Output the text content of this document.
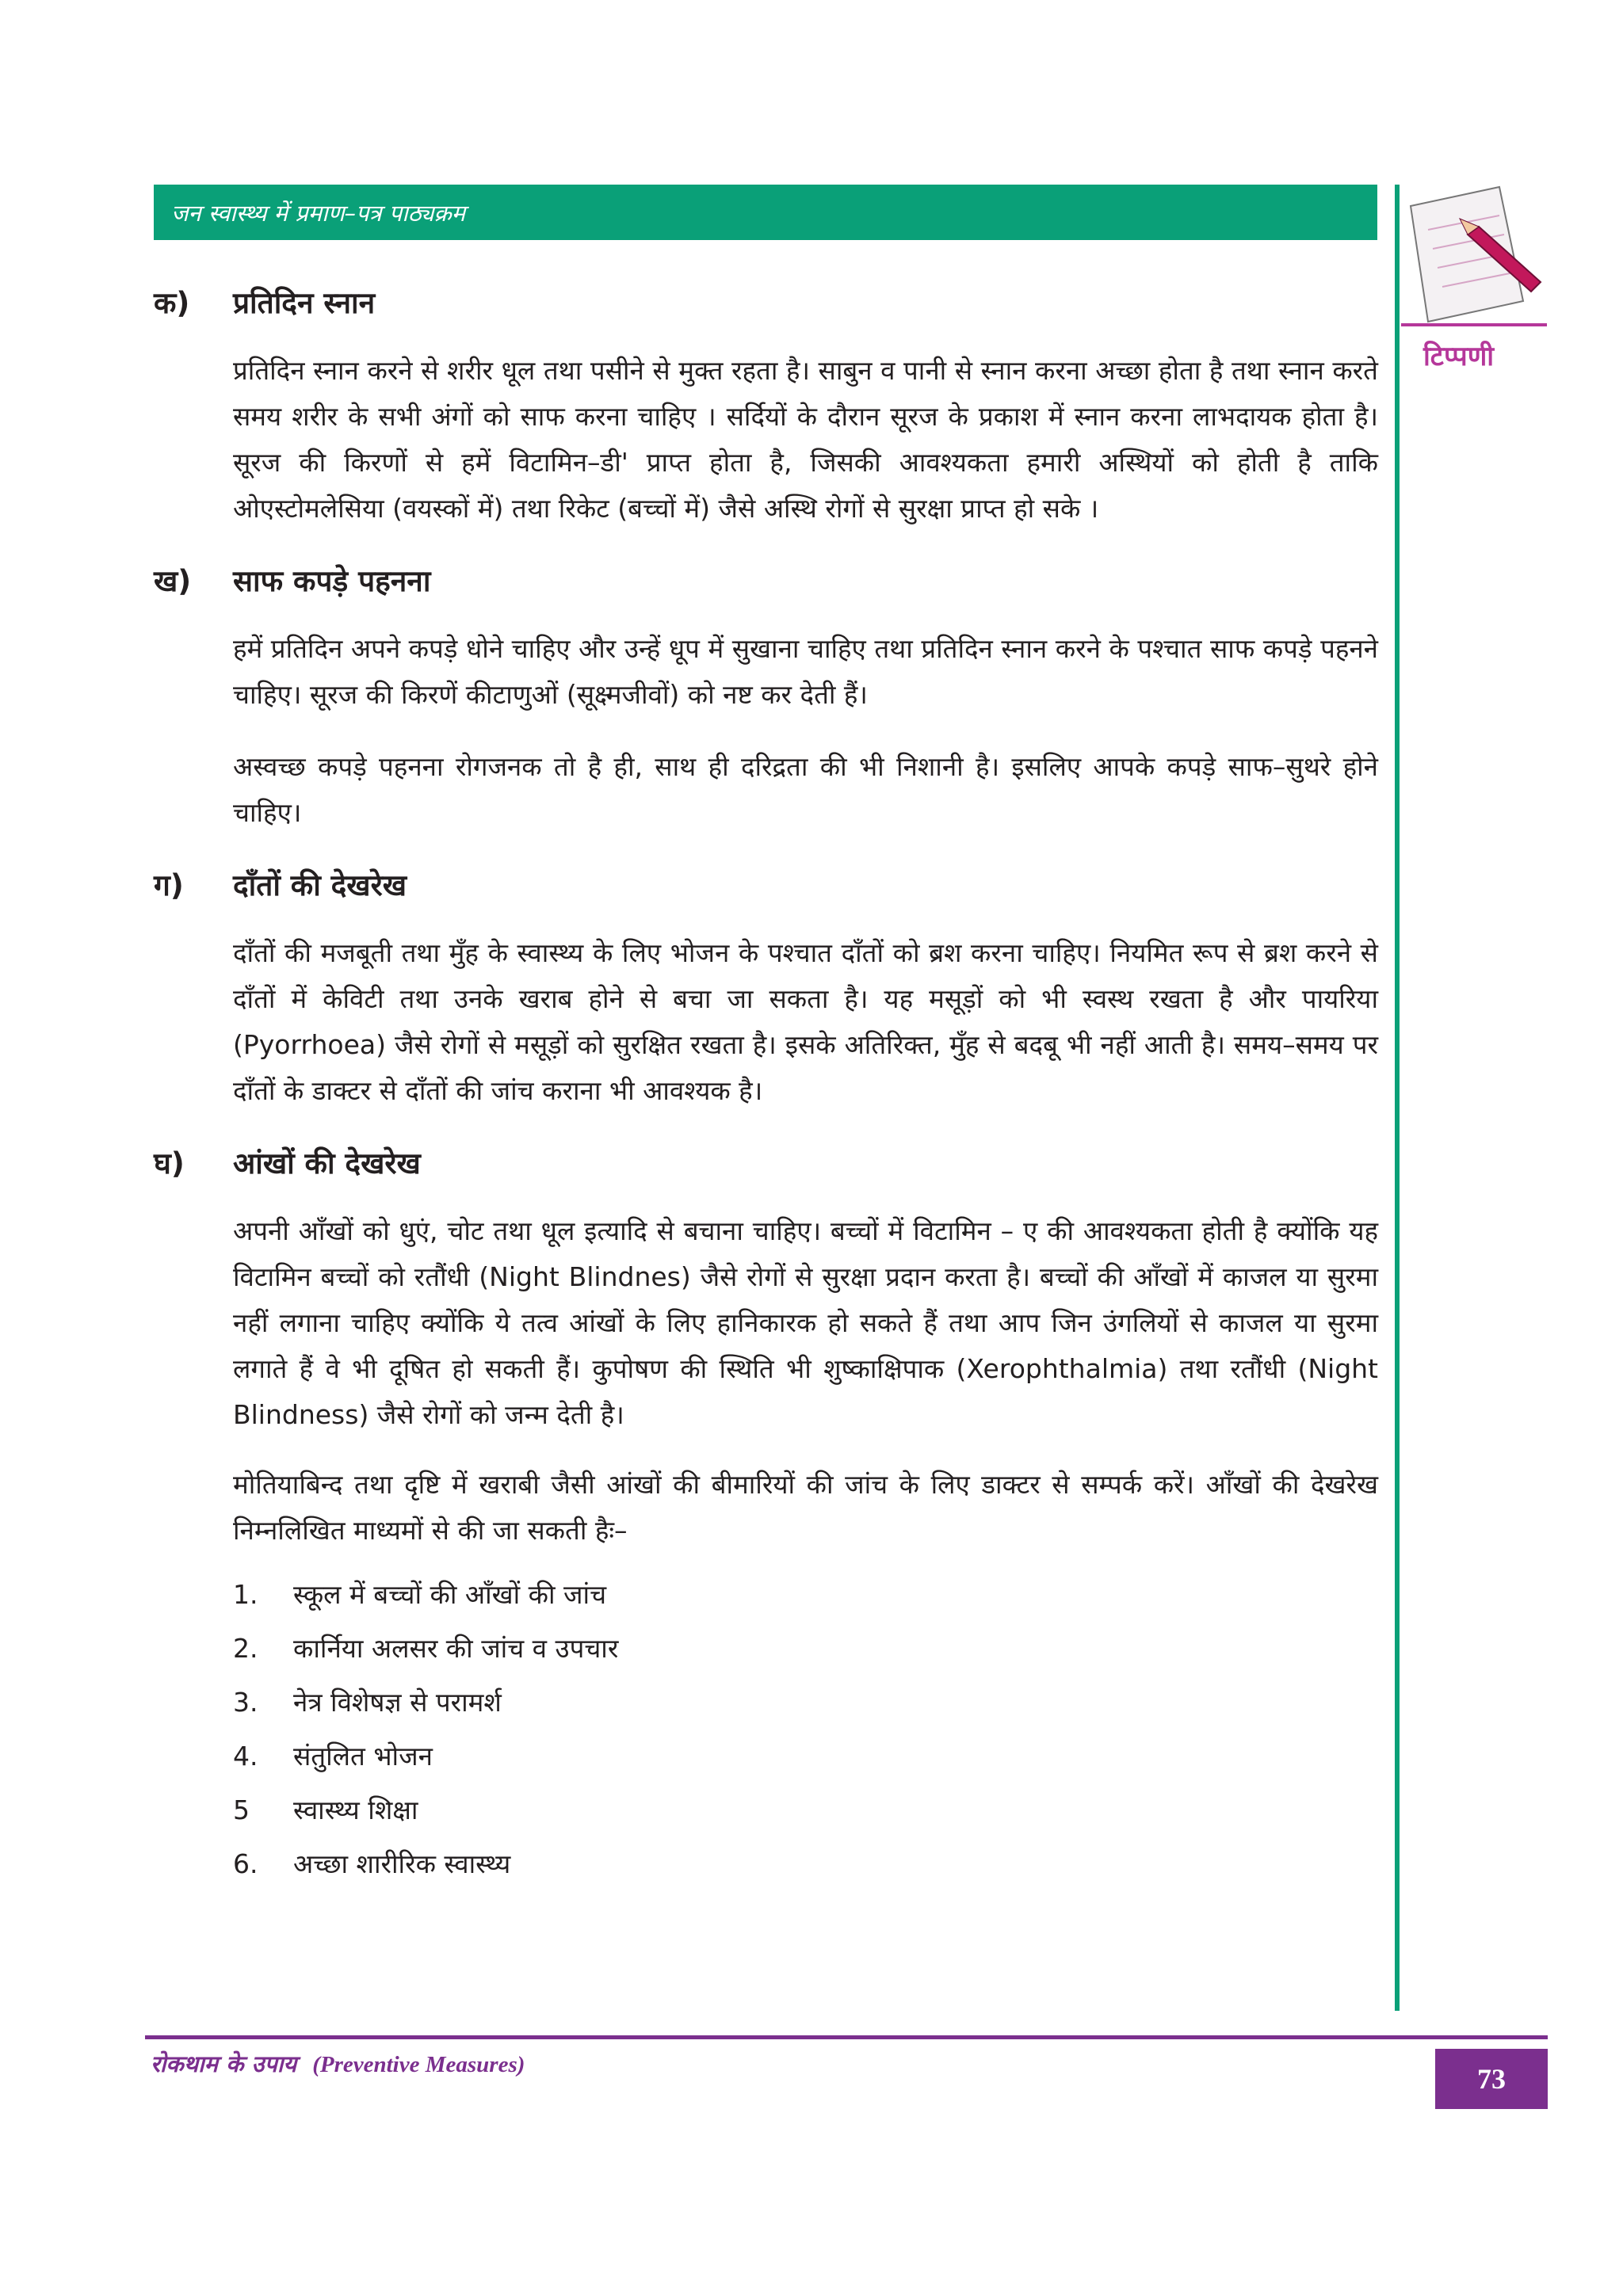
जन स्वास्थ्य में प्रमाण–पत्र पाठ्यक्रम
टिप्पणी
क)	प्रतिदिन स्नान

प्रतिदिन स्नान करने से शरीर धूल तथा पसीने से मुक्त रहता है। साबुन व पानी से स्नान करना अच्छा होता है तथा स्नान करते समय शरीर के सभी अंगों को साफ करना चाहिए । सर्दियों के दौरान सूरज के प्रकाश में स्नान करना लाभदायक होता है। सूरज की किरणों से हमें विटामिन–डी' प्राप्त होता है, जिसकी आवश्यकता हमारी अस्थियों को होती है ताकि ओएस्टोमलेसिया (वयस्कों में) तथा रिकेट (बच्चों में) जैसे अस्थि रोगों से सुरक्षा प्राप्त हो सके ।

ख)	साफ कपड़े पहनना

हमें प्रतिदिन अपने कपड़े धोने चाहिए और उन्हें धूप में सुखाना चाहिए तथा प्रतिदिन स्नान करने के पश्चात साफ कपड़े पहनने चाहिए। सूरज की किरणें कीटाणुओं (सूक्ष्मजीवों) को नष्ट कर देती हैं।

अस्वच्छ कपड़े पहनना रोगजनक तो है ही, साथ ही दरिद्रता की भी निशानी है। इसलिए आपके कपड़े साफ–सुथरे होने चाहिए।

ग)	दाँतों की देखरेख

दाँतों की मजबूती तथा मुँह के स्वास्थ्य के लिए भोजन के पश्चात दाँतों को ब्रश करना चाहिए। नियमित रूप से ब्रश करने से दाँतों में केविटी तथा उनके खराब होने से बचा जा सकता है। यह मसूड़ों को भी स्वस्थ रखता है और पायरिया (Pyorrhoea) जैसे रोगों से मसूड़ों को सुरक्षित रखता है। इसके अतिरिक्त, मुँह से बदबू भी नहीं आती है। समय–समय पर दाँतों के डाक्टर से दाँतों की जांच कराना भी आवश्यक है।

घ)	आंखों की देखरेख

अपनी आँखों को धुएं, चोट तथा धूल इत्यादि से बचाना चाहिए। बच्चों में विटामिन – ए की आवश्यकता होती है क्योंकि यह विटामिन बच्चों को रतौंधी (Night Blindnes) जैसे रोगों से सुरक्षा प्रदान करता है। बच्चों की आँखों में काजल या सुरमा नहीं लगाना चाहिए क्योंकि ये तत्व आंखों के लिए हानिकारक हो सकते हैं तथा आप जिन उंगलियों से काजल या सुरमा लगाते हैं वे भी दूषित हो सकती हैं। कुपोषण की स्थिति भी शुष्काक्षिपाक (Xerophthalmia) तथा रतौंधी (Night Blindness) जैसे रोगों को जन्म देती है।

मोतियाबिन्द तथा दृष्टि में खराबी जैसी आंखों की बीमारियों की जांच के लिए डाक्टर से सम्पर्क करें। आँखों की देखरेख निम्नलिखित माध्यमों से की जा सकती हैः–

1.	स्कूल में बच्चों की आँखों की जांच
2.	कार्निया अलसर की जांच व उपचार
3.	नेत्र विशेषज्ञ से परामर्श
4.	संतुलित भोजन
5	स्वास्थ्य शिक्षा
6.	अच्छा शारीरिक स्वास्थ्य
रोकथाम के उपाय (Preventive Measures)	73
